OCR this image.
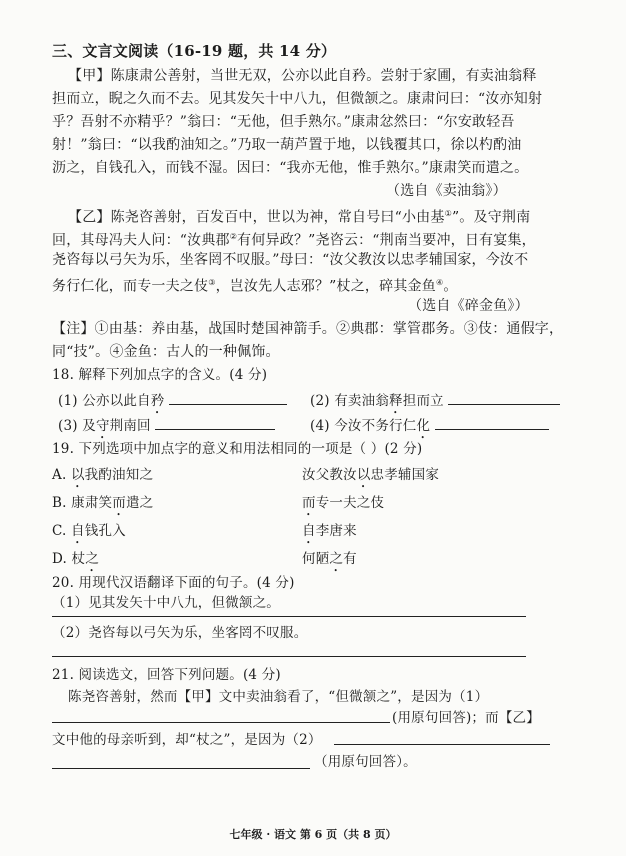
三、文言文阅读（16-19 题，共 14 分）
【甲】陈康肃公善射，当世无双，公亦以此自矜。尝射于家圃，有卖油翁释
担而立，睨之久而不去。见其发矢十中八九，但微颔之。康肃问曰：“汝亦知射
乎？吾射不亦精乎？”翁曰：“无他，但手熟尔。”康肃忿然曰：“尔安敢轻吾
射！”翁曰：“以我酌油知之。”乃取一葫芦置于地，以钱覆其口，徐以杓酌油
沥之，自钱孔入，而钱不湿。因曰：“我亦无他，惟手熟尔。”康肃笑而遣之。
（选自《卖油翁》）
【乙】陈尧咨善射，百发百中，世以为神，常自号曰“小由基①”。及守荆南
回，其母冯夫人问：“汝典郡②有何异政？”尧咨云：“荆南当要冲，日有宴集，
尧咨每以弓矢为乐，坐客罔不叹服。”母曰：“汝父教汝以忠孝辅国家，今汝不
务行仁化，而专一夫之伎③，岂汝先人志邪？”杖之，碎其金鱼④。
（选自《碎金鱼》）
【注】①由基：养由基，战国时楚国神箭手。②典郡：掌管郡务。③伎：通假字，
同“技”。④金鱼：古人的一种佩饰。
18. 解释下列加点字的含义。(4 分)
(1) 公亦以此自矜	(2) 有卖油翁释担而立
(3) 及守荆南回	(4) 今汝不务行仁化
19. 下列选项中加点字的意义和用法相同的一项是（ ）(2 分)
A. 以我酌油知之	汝父教汝以忠孝辅国家
B. 康肃笑而遣之	而专一夫之伎
C. 自钱孔入	自李唐来
D. 杖之	何陋之有
20. 用现代汉语翻译下面的句子。(4 分)
（1）见其发矢十中八九，但微颔之。
（2）尧咨每以弓矢为乐，坐客罔不叹服。
21. 阅读选文，回答下列问题。(4 分)
陈尧咨善射，然而【甲】文中卖油翁看了，“但微颔之”，是因为（1）
(用原句回答)；而【乙】
文中他的母亲听到，却“杖之”，是因为（2）
（用原句回答）。
七年级 · 语文 第 6 页（共 8 页）
